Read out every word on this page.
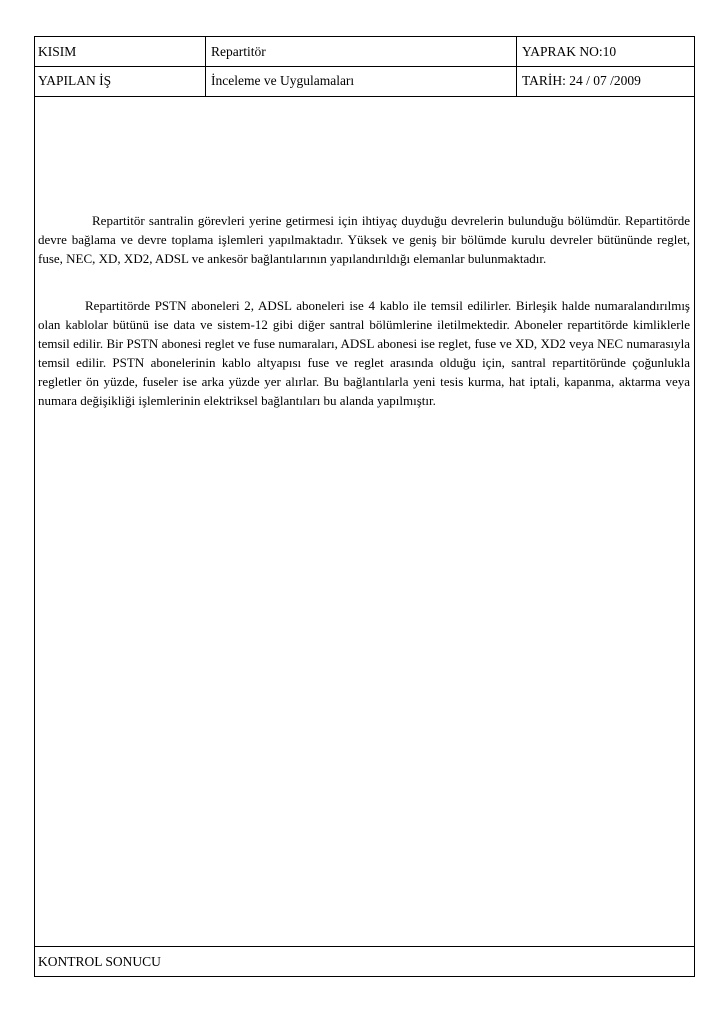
KISIM	Repartitör	YAPRAK NO:10
YAPILAN İŞ	İnceleme ve Uygulamaları	TARİH: 24 / 07 /2009

Repartitör santralin görevleri yerine getirmesi için ihtiyaç duyduğu devrelerin bulunduğu bölümdür. Repartitörde devre bağlama ve devre toplama işlemleri yapılmaktadır. Yüksek ve geniş bir bölümde kurulu devreler bütününde reglet, fuse, NEC, XD, XD2, ADSL ve ankesör bağlantılarının yapılandırıldığı elemanlar bulunmaktadır.

Repartitörde PSTN aboneleri 2, ADSL aboneleri ise 4 kablo ile temsil edilirler. Birleşik halde numaralandırılmış olan kablolar bütünü ise data ve sistem-12 gibi diğer santral bölümlerine iletilmektedir. Aboneler repartitörde kimliklerle temsil edilir. Bir PSTN abonesi reglet ve fuse numaraları, ADSL abonesi ise reglet, fuse ve XD, XD2 veya NEC numarasıyla temsil edilir. PSTN abonelerinin kablo altyapısı fuse ve reglet arasında olduğu için, santral repartitöründe çoğunlukla regletler ön yüzde, fuseler ise arka yüzde yer alırlar. Bu bağlantılarla yeni tesis kurma, hat iptali, kapanma, aktarma veya numara değişikliği işlemlerinin elektriksel bağlantıları bu alanda yapılmıştır.

KONTROL SONUCU
